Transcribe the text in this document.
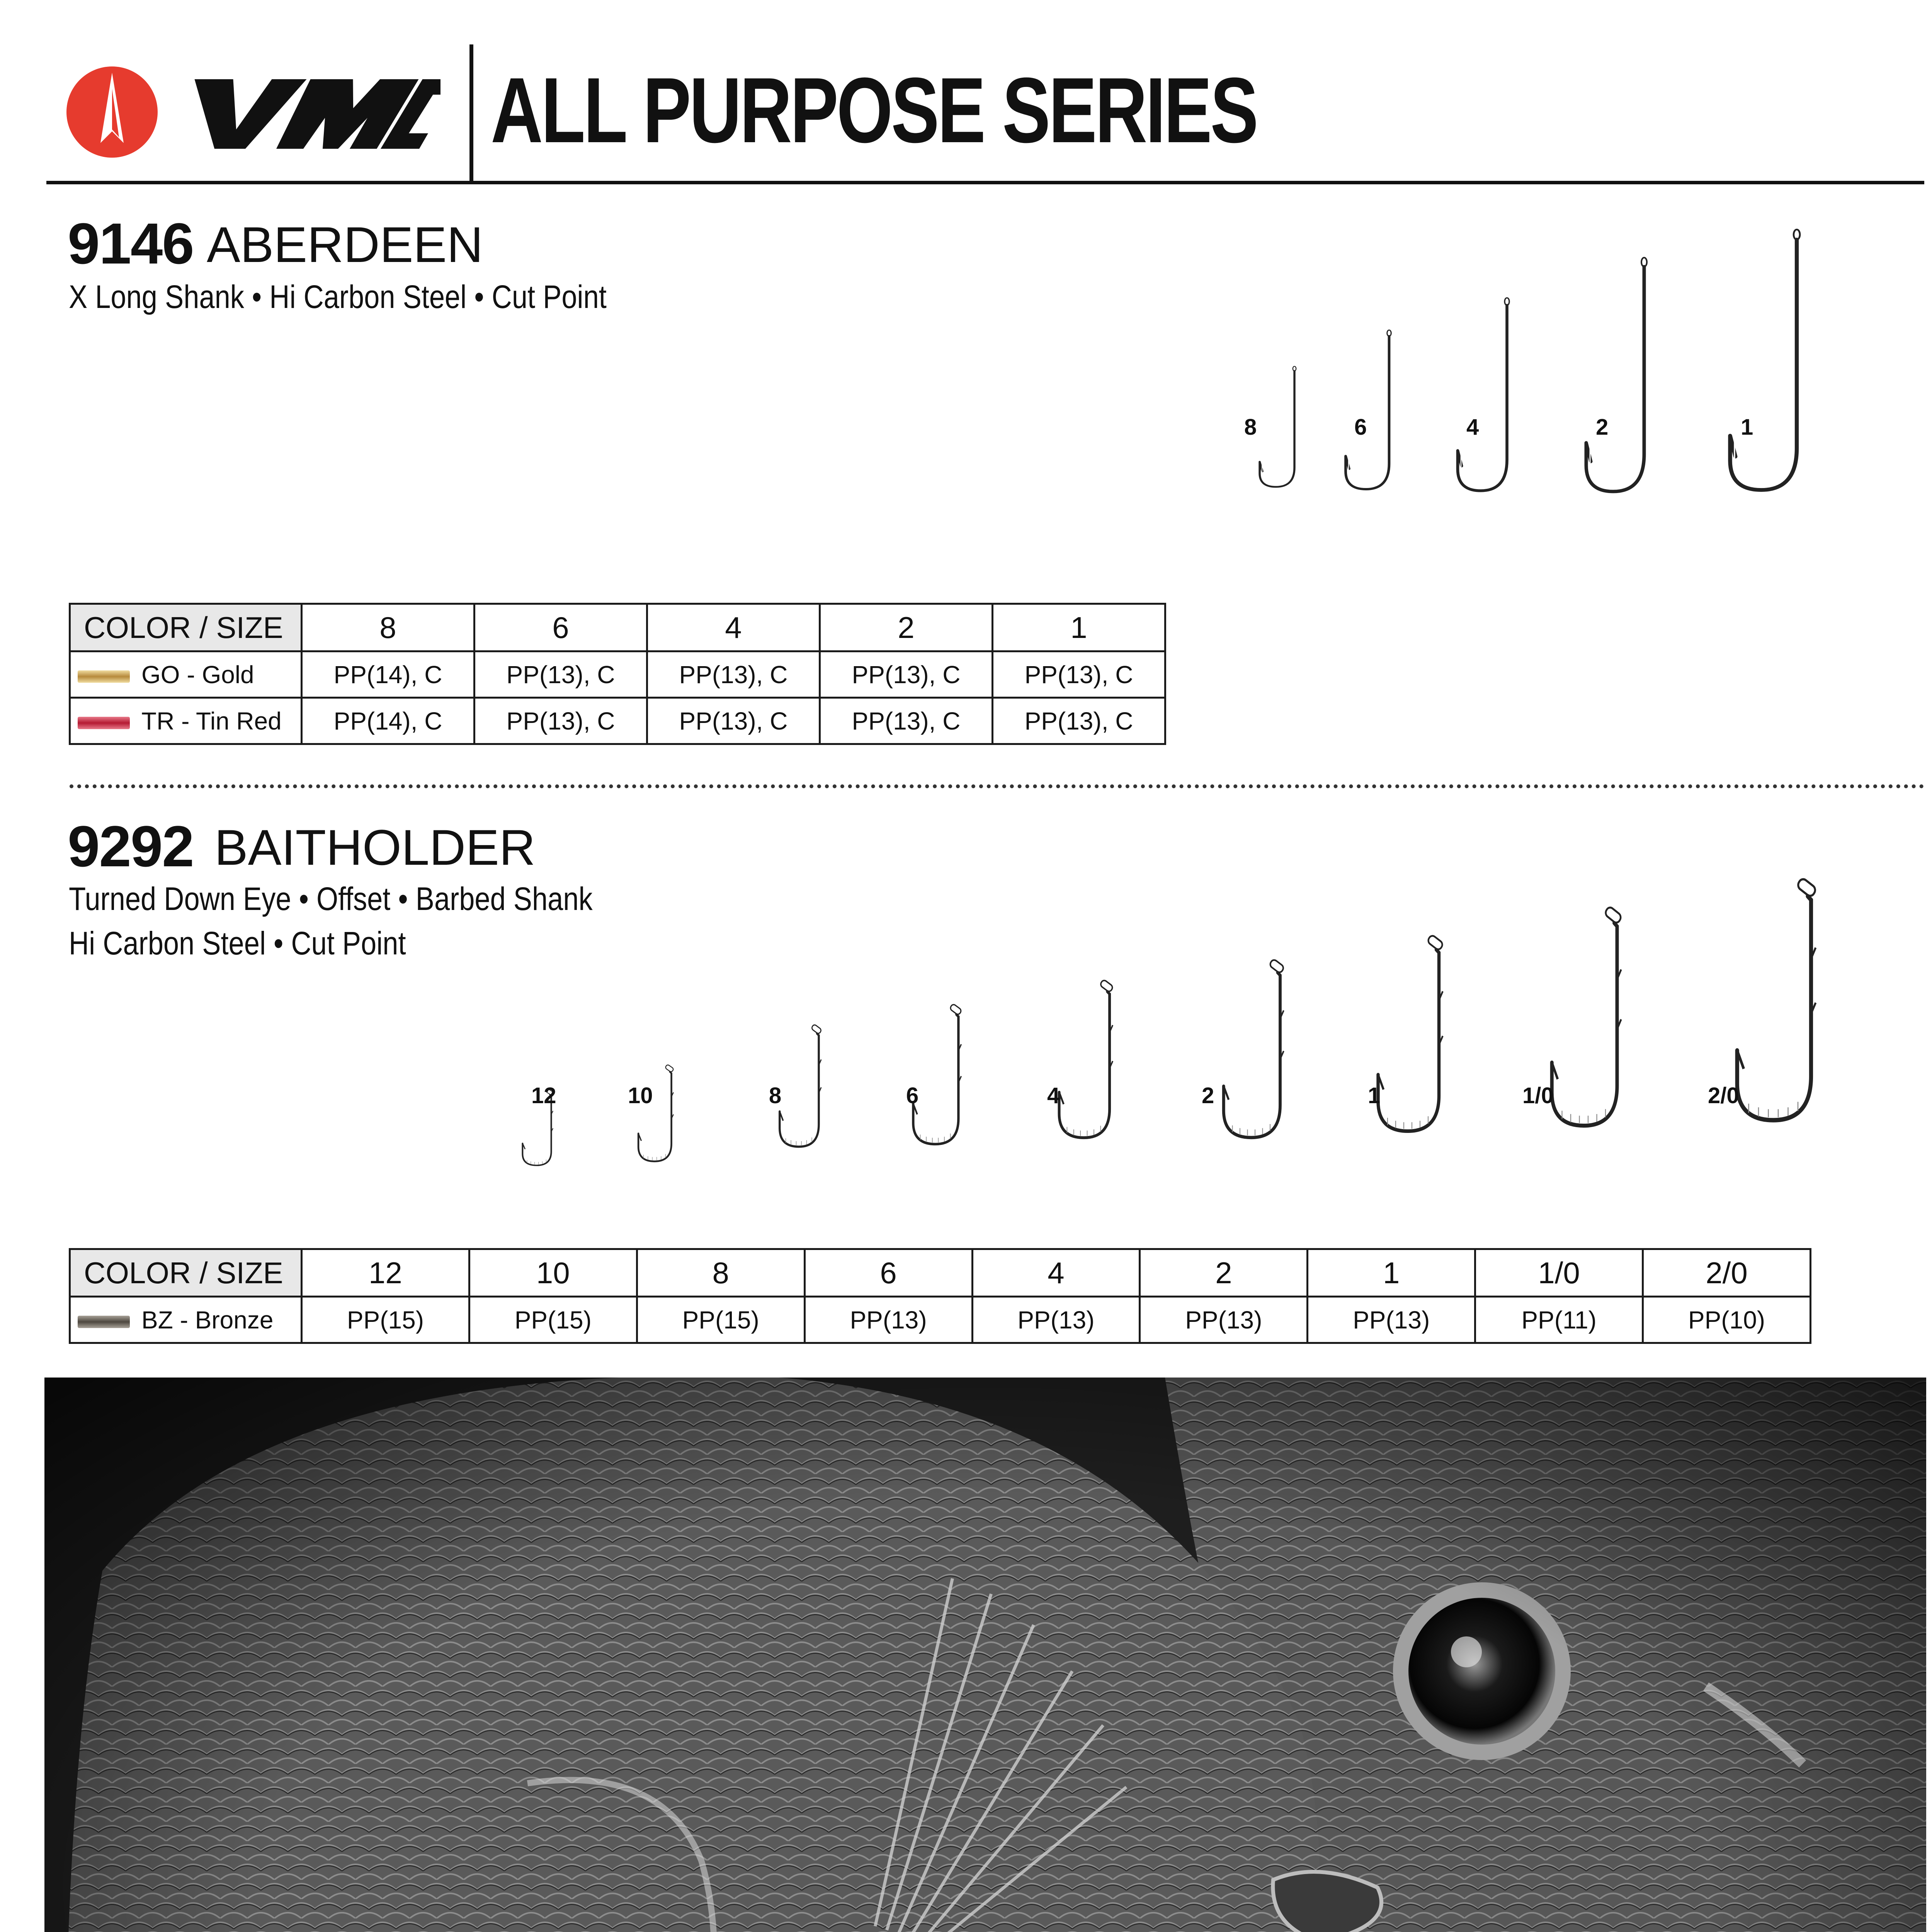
ALL PURPOSE SERIES
9146 ABERDEEN
X Long Shank • Hi Carbon Steel • Cut Point
8	6	4	2	1
COLOR / SIZE	8	6	4	2	1
GO - Gold	PP(14), C	PP(13), C	PP(13), C	PP(13), C	PP(13), C
TR - Tin Red	PP(14), C	PP(13), C	PP(13), C	PP(13), C	PP(13), C
9292 BAITHOLDER
Turned Down Eye • Offset • Barbed Shank
Hi Carbon Steel • Cut Point
12	10	8	6	4	2	1	1/0	2/0
COLOR / SIZE	12	10	8	6	4	2	1	1/0	2/0
BZ - Bronze	PP(15)	PP(15)	PP(15)	PP(13)	PP(13)	PP(13)	PP(13)	PP(11)	PP(10)
